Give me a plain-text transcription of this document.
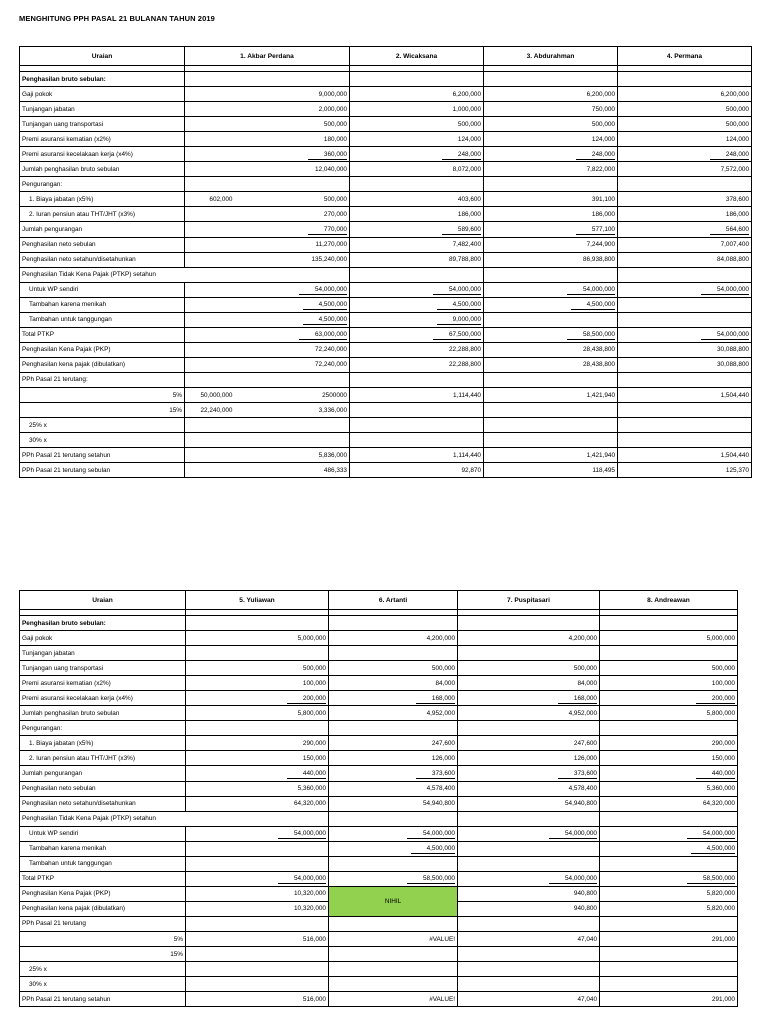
MENGHITUNG PPH PASAL 21 BULANAN TAHUN 2019
Uraian	1. Akbar Perdana		2. Wicaksana	3. Abdurahman	4. Permana

Penghasilan bruto sebulan:					
Gaji pokok	9,000,000		6,200,000	6,200,000	6,200,000
Tunjangan jabatan	2,000,000		1,000,000	750,000	500,000
Tunjangan uang transportasi	500,000		500,000	500,000	500,000
Premi asuransi kematian (x2%)	180,000		124,000	124,000	124,000
Premi asuransi kecelakaan kerja (x4%)	360,000		248,000	248,000	248,000
Jumlah penghasilan bruto sebulan	12,040,000		8,072,000	7,822,000	7,572,000
Pengurangan:					
1. Biaya jabatan (x5%)	602,000	500,000	403,600	391,100	378,600
2. Iuran pensiun atau THT/JHT (x3%)	270,000		186,000	186,000	186,000
Jumlah pengurangan	770,000		589,600	577,100	564,600
Penghasilan neto sebulan	11,270,000		7,482,400	7,244,900	7,007,400
Penghasilan neto setahun/disetahunkan	135,240,000		89,788,800	86,938,800	84,088,800
Penghasilan Tidak Kena Pajak (PTKP) setahun					
Untuk WP sendiri	54,000,000		54,000,000	54,000,000	54,000,000
Tambahan karena menikah	4,500,000		4,500,000	4,500,000	
Tambahan untuk tanggungan	4,500,000		9,000,000		
Total PTKP	63,000,000		67,500,000	58,500,000	54,000,000
Penghasilan Kena Pajak (PKP)	72,240,000		22,288,800	28,438,800	30,088,800
Penghasilan kena pajak (dibulatkan)	72,240,000		22,288,800	28,438,800	30,088,800
PPh Pasal 21 terutang:					
5%	50,000,000	2500000	1,114,440	1,421,940	1,504,440
15%	22,240,000	3,336,000			
25% x					
30% x					
PPh Pasal 21 terutang setahun	5,836,000		1,114,440	1,421,940	1,504,440
PPh Pasal 21 terutang sebulan	486,333		92,870	118,495	125,370
Uraian	5. Yuliawan	6. Artanti	7. Puspitasari	8. Andreawan

Penghasilan bruto sebulan:				
Gaji pokok	5,000,000	4,200,000	4,200,000	5,000,000
Tunjangan jabatan				
Tunjangan uang transportasi	500,000	500,000	500,000	500,000
Premi asuransi kematian (x2%)	100,000	84,000	84,000	100,000
Premi asuransi kecelakaan kerja (x4%)	200,000	168,000	168,000	200,000
Jumlah penghasilan bruto sebulan	5,800,000	4,952,000	4,952,000	5,800,000
Pengurangan:				
1. Biaya jabatan (x5%)	290,000	247,600	247,600	290,000
2. Iuran pensiun atau THT/JHT (x3%)	150,000	126,000	126,000	150,000
Jumlah pengurangan	440,000	373,600	373,600	440,000
Penghasilan neto sebulan	5,360,000	4,578,400	4,578,400	5,360,000
Penghasilan neto setahun/disetahunkan	64,320,000	54,940,800	54,940,800	64,320,000
Penghasilan Tidak Kena Pajak (PTKP) setahun				
Untuk WP sendiri	54,000,000	54,000,000	54,000,000	54,000,000
Tambahan karena menikah		4,500,000		4,500,000
Tambahan untuk tanggungan				
Total PTKP	54,000,000	58,500,000	54,000,000	58,500,000
Penghasilan Kena Pajak (PKP)	10,320,000	NIHIL	940,800	5,820,000
Penghasilan kena pajak (dibulatkan)	10,320,000		940,800	5,820,000
PPh Pasal 21 terutang				
5%	516,000	#VALUE!	47,040	291,000
15%				
25% x				
30% x				
PPh Pasal 21 terutang setahun	516,000	#VALUE!	47,040	291,000
